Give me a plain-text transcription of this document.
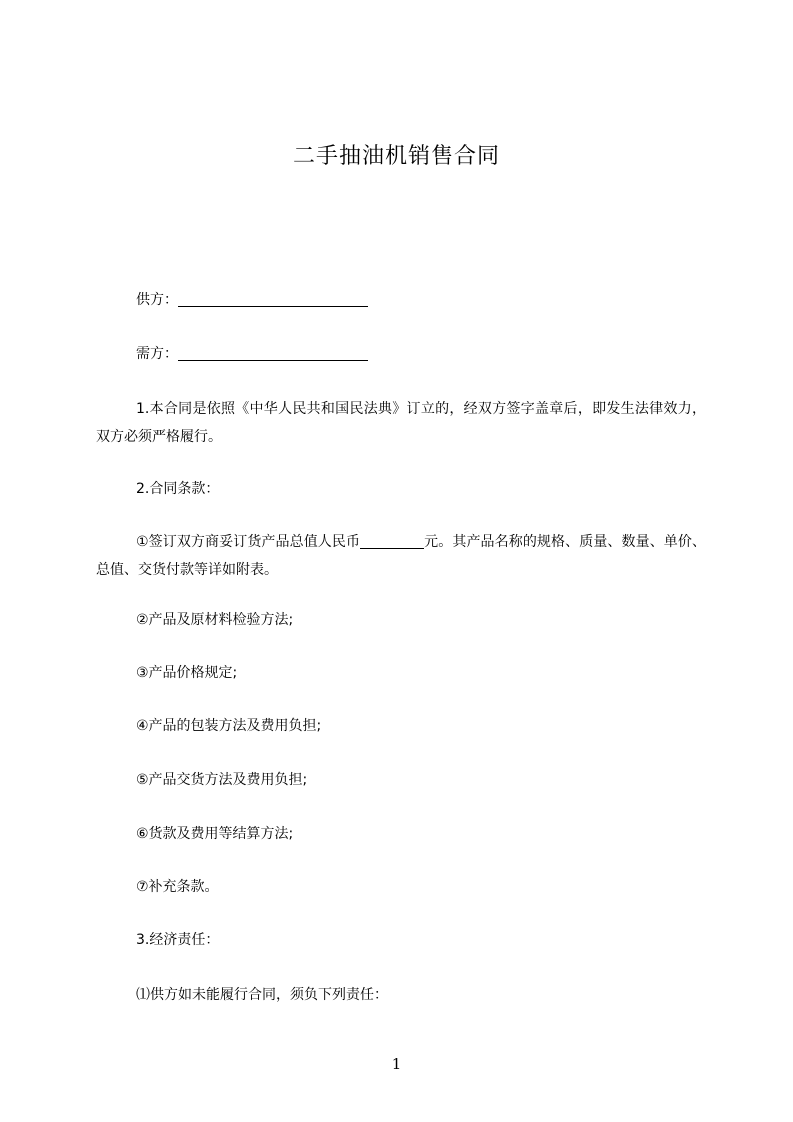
二手抽油机销售合同
供方：
需方：
1.本合同是依照《中华人民共和国民法典》订立的，经双方签字盖章后，即发生法律效力，双方必须严格履行。
2.合同条款：
①签订双方商妥订货产品总值人民币	元。其产品名称的规格、质量、数量、单价、总值、交货付款等详如附表。
②产品及原材料检验方法;
③产品价格规定;
④产品的包装方法及费用负担;
⑤产品交货方法及费用负担;
⑥货款及费用等结算方法;
⑦补充条款。
3.经济责任：
⑴供方如未能履行合同，须负下列责任：
1
